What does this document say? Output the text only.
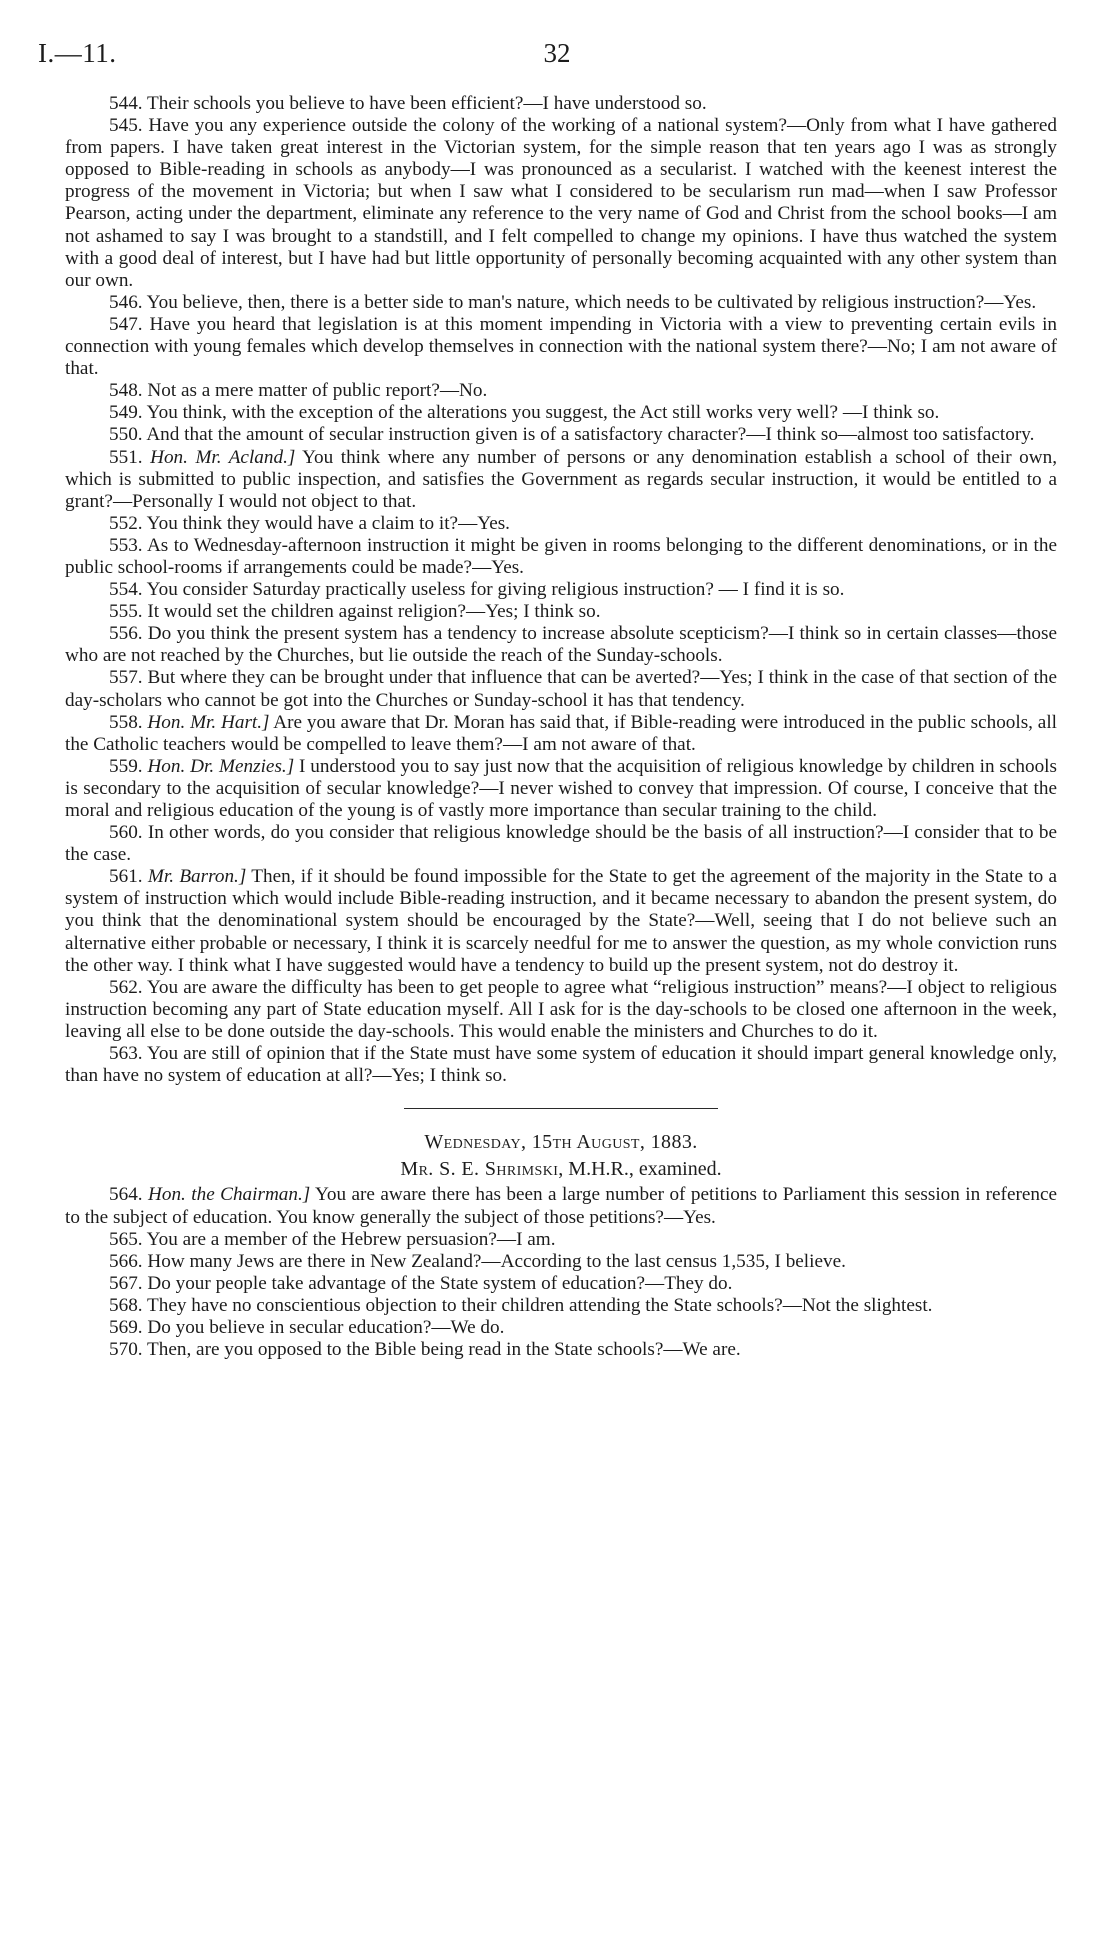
I.—11.	32

544. Their schools you believe to have been efficient?—I have understood so.

545. Have you any experience outside the colony of the working of a national system?—Only from what I have gathered from papers. I have taken great interest in the Victorian system, for the simple reason that ten years ago I was as strongly opposed to Bible-reading in schools as anybody—I was pronounced as a secularist. I watched with the keenest interest the progress of the movement in Victoria; but when I saw what I considered to be secularism run mad—when I saw Professor Pearson, acting under the department, eliminate any reference to the very name of God and Christ from the school books—I am not ashamed to say I was brought to a standstill, and I felt compelled to change my opinions. I have thus watched the system with a good deal of interest, but I have had but little opportunity of personally becoming acquainted with any other system than our own.

546. You believe, then, there is a better side to man's nature, which needs to be cultivated by religious instruction?—Yes.

547. Have you heard that legislation is at this moment impending in Victoria with a view to preventing certain evils in connection with young females which develop themselves in connection with the national system there?—No; I am not aware of that.

548. Not as a mere matter of public report?—No.

549. You think, with the exception of the alterations you suggest, the Act still works very well? —I think so.

550. And that the amount of secular instruction given is of a satisfactory character?—I think so—almost too satisfactory.

551. Hon. Mr. Acland.] You think where any number of persons or any denomination establish a school of their own, which is submitted to public inspection, and satisfies the Government as regards secular instruction, it would be entitled to a grant?—Personally I would not object to that.

552. You think they would have a claim to it?—Yes.

553. As to Wednesday-afternoon instruction it might be given in rooms belonging to the different denominations, or in the public school-rooms if arrangements could be made?—Yes.

554. You consider Saturday practically useless for giving religious instruction? — I find it is so.

555. It would set the children against religion?—Yes; I think so.

556. Do you think the present system has a tendency to increase absolute scepticism?—I think so in certain classes—those who are not reached by the Churches, but lie outside the reach of the Sunday-schools.

557. But where they can be brought under that influence that can be averted?—Yes; I think in the case of that section of the day-scholars who cannot be got into the Churches or Sunday-school it has that tendency.

558. Hon. Mr. Hart.] Are you aware that Dr. Moran has said that, if Bible-reading were introduced in the public schools, all the Catholic teachers would be compelled to leave them?—I am not aware of that.

559. Hon. Dr. Menzies.] I understood you to say just now that the acquisition of religious knowledge by children in schools is secondary to the acquisition of secular knowledge?—I never wished to convey that impression. Of course, I conceive that the moral and religious education of the young is of vastly more importance than secular training to the child.

560. In other words, do you consider that religious knowledge should be the basis of all instruction?—I consider that to be the case.

561. Mr. Barron.] Then, if it should be found impossible for the State to get the agreement of the majority in the State to a system of instruction which would include Bible-reading instruction, and it became necessary to abandon the present system, do you think that the denominational system should be encouraged by the State?—Well, seeing that I do not believe such an alternative either probable or necessary, I think it is scarcely needful for me to answer the question, as my whole conviction runs the other way. I think what I have suggested would have a tendency to build up the present system, not do destroy it.

562. You are aware the difficulty has been to get people to agree what “religious instruction” means?—I object to religious instruction becoming any part of State education myself. All I ask for is the day-schools to be closed one afternoon in the week, leaving all else to be done outside the day-schools. This would enable the ministers and Churches to do it.

563. You are still of opinion that if the State must have some system of education it should impart general knowledge only, than have no system of education at all?—Yes; I think so.

Wednesday, 15th August, 1883.

Mr. S. E. Shrimski, M.H.R., examined.

564. Hon. the Chairman.] You are aware there has been a large number of petitions to Parliament this session in reference to the subject of education. You know generally the subject of those petitions?—Yes.

565. You are a member of the Hebrew persuasion?—I am.

566. How many Jews are there in New Zealand?—According to the last census 1,535, I believe.

567. Do your people take advantage of the State system of education?—They do.

568. They have no conscientious objection to their children attending the State schools?—Not the slightest.

569. Do you believe in secular education?—We do.

570. Then, are you opposed to the Bible being read in the State schools?—We are.
